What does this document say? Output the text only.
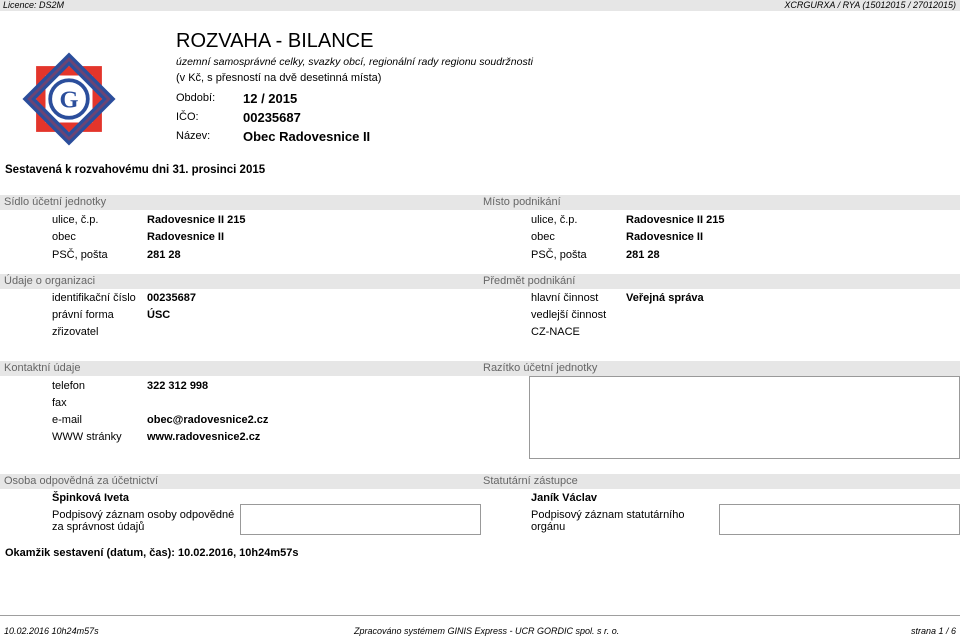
Licence: DS2M	XCRGURXA / RYA (15012015 / 27012015)
G
ROZVAHA - BILANCE
územní samosprávné celky, svazky obcí, regionální rady regionu soudržnosti
(v Kč, s přesností na dvě desetinná místa)
Období: 12 / 2015
IČO:	00235687
Název:	Obec Radovesnice II
Sestavená k rozvahovému dni 31. prosinci 2015
Sídlo účetní jednotky
ulice, č.p.	Radovesnice II 215
obec	Radovesnice II
PSČ, pošta	281 28
Místo podnikání
ulice, č.p.	Radovesnice II 215
obec	Radovesnice II
PSČ, pošta	281 28
Údaje o organizaci
identifikační číslo 00235687
právní forma	ÚSC
zřizovatel
Předmět podnikání
hlavní činnost	Veřejná správa
vedlejší činnost
CZ-NACE
Kontaktní údaje
telefon	322 312 998
fax
e-mail	obec@radovesnice2.cz
WWW stránky www.radovesnice2.cz
Razítko účetní jednotky
Osoba odpovědná za účetnictví
Špinková Iveta
Podpisový záznam osoby odpovědné
za správnost údajů
Statutární zástupce
Janík Václav
Podpisový záznam statutárního
orgánu
Okamžik sestavení (datum, čas): 10.02.2016, 10h24m57s
10.02.2016 10h24m57s	Zpracováno systémem GINIS Express - UCR GORDIC spol. s r. o.	strana 1 / 6
